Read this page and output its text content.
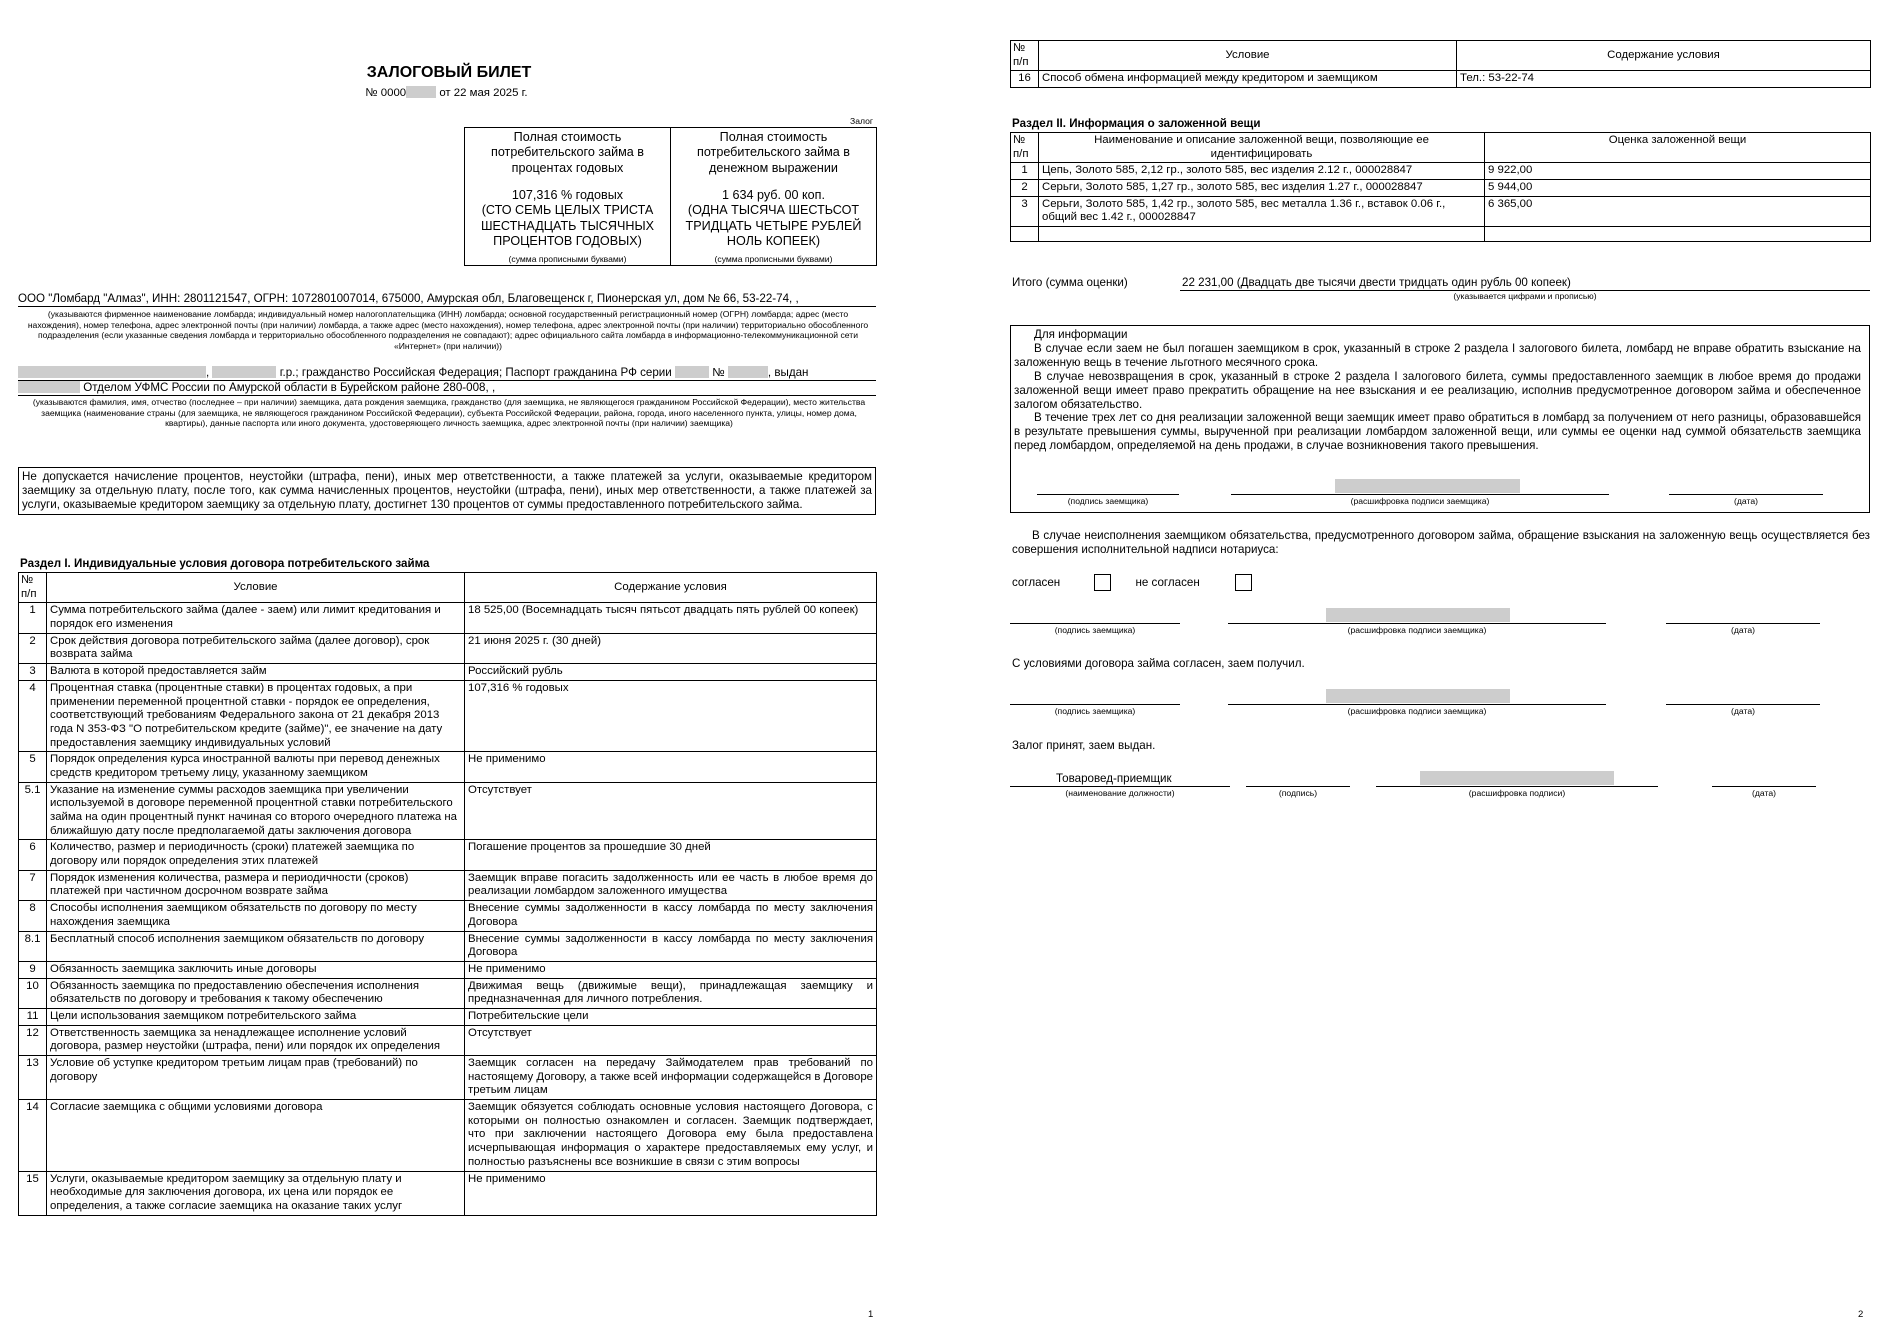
ЗАЛОГОВЫЙ БИЛЕТ
№ 0000	от 22 мая 2025 г.
Залог
Полная стоимость потребительского займа в процентах годовых
107,316 % годовых
(СТО СЕМЬ ЦЕЛЫХ ТРИСТА ШЕСТНАДЦАТЬ ТЫСЯЧНЫХ ПРОЦЕНТОВ ГОДОВЫХ)
(сумма прописными буквами)

Полная стоимость потребительского займа в денежном выражении
1 634 руб. 00 коп.
(ОДНА ТЫСЯЧА ШЕСТЬСОТ ТРИДЦАТЬ ЧЕТЫРЕ РУБЛЕЙ НОЛЬ КОПЕЕК)
(сумма прописными буквами)
ООО "Ломбард "Алмаз", ИНН: 2801121547, ОГРН: 1072801007014, 675000, Амурская обл, Благовещенск г, Пионерская ул, дом № 66, 53-22-74, ,
(указываются фирменное наименование ломбарда; индивидуальный номер налогоплательщика (ИНН) ломбарда; основной государственный регистрационный номер (ОГРН) ломбарда; адрес (место нахождения), номер телефона, адрес электронной почты (при наличии) ломбарда, а также адрес (место нахождения), номер телефона, адрес электронной почты (при наличии) территориально обособленного подразделения (если указанные сведения ломбарда и территориально обособленного подразделения не совпадают); адрес официального сайта ломбарда в информационно-телекоммуникационной сети «Интернет» (при наличии))
,	г.р.; гражданство Российская Федерация; Паспорт гражданина РФ серии	№	, выдан
Отделом УФМС России по Амурской области в Бурейском районе 280-008, ,
(указываются фамилия, имя, отчество (последнее – при наличии) заемщика, дата рождения заемщика, гражданство (для заемщика, не являющегося гражданином Российской Федерации), место жительства заемщика (наименование страны (для заемщика, не являющегося гражданином Российской Федерации), субъекта Российской Федерации, района, города, иного населенного пункта, улицы, номер дома, квартиры), данные паспорта или иного документа, удостоверяющего личность заемщика, адрес электронной почты (при наличии) заемщика)
Не допускается начисление процентов, неустойки (штрафа, пени), иных мер ответственности, а также платежей за услуги, оказываемые кредитором заемщику за отдельную плату, после того, как сумма начисленных процентов, неустойки (штрафа, пени), иных мер ответственности, а также платежей за услуги, оказываемые кредитором заемщику за отдельную плату, достигнет 130 процентов от суммы предоставленного потребительского займа.
Раздел I. Индивидуальные условия договора потребительского займа
№ п/п	Условие	Содержание условия
1	Сумма потребительского займа (далее - заем) или лимит кредитования и порядок его изменения	18 525,00 (Восемнадцать тысяч пятьсот двадцать пять рублей 00 копеек)
2	Срок действия договора потребительского займа (далее договор), срок возврата займа	21 июня 2025 г. (30 дней)
3	Валюта в которой предоставляется займ	Российский рубль
4	Процентная ставка (процентные ставки) в процентах годовых, а при применении переменной процентной ставки - порядок ее определения, соответствующий требованиям Федерального закона от 21 декабря 2013 года N 353-ФЗ "О потребительском кредите (займе)", ее значение на дату предоставления заемщику индивидуальных условий	107,316 % годовых
5	Порядок определения курса иностранной валюты при перевод денежных средств кредитором третьему лицу, указанному заемщиком	Не применимо
5.1	Указание на изменение суммы расходов заемщика при увеличении используемой в договоре переменной процентной ставки потребительского займа на один процентный пункт начиная со второго очередного платежа на ближайшую дату после предполагаемой даты заключения договора	Отсутствует
6	Количество, размер и периодичность (сроки) платежей заемщика по договору или порядок определения этих платежей	Погашение процентов за прошедшие 30 дней
7	Порядок изменения количества, размера и периодичности (сроков) платежей при частичном досрочном возврате займа	Заемщик вправе погасить задолженность или ее часть в любое время до реализации ломбардом заложенного имущества
8	Способы исполнения заемщиком обязательств по договору по месту нахождения заемщика	Внесение суммы задолженности в кассу ломбарда по месту заключения Договора
8.1	Бесплатный способ исполнения заемщиком обязательств по договору	Внесение суммы задолженности в кассу ломбарда по месту заключения Договора
9	Обязанность заемщика заключить иные договоры	Не применимо
10	Обязанность заемщика по предоставлению обеспечения исполнения обязательств по договору и требования к такому обеспечению	Движимая вещь (движимые вещи), принадлежащая заемщику и предназначенная для личного потребления.
11	Цели использования заемщиком потребительского займа	Потребительские цели
12	Ответственность заемщика за ненадлежащее исполнение условий договора, размер неустойки (штрафа, пени) или порядок их определения	Отсутствует
13	Условие об уступке кредитором третьим лицам прав (требований) по договору	Заемщик согласен на передачу Займодателем прав требований по настоящему Договору, а также всей информации содержащейся в Договоре третьим лицам
14	Согласие заемщика с общими условиями договора	Заемщик обязуется соблюдать основные условия настоящего Договора, с которыми он полностью ознакомлен и согласен. Заемщик подтверждает, что при заключении настоящего Договора ему была предоставлена исчерпывающая информация о характере предоставляемых ему услуг, и полностью разъяснены все возникшие в связи с этим вопросы
15	Услуги, оказываемые кредитором заемщику за отдельную плату и необходимые для заключения договора, их цена или порядок ее определения, а также согласие заемщика на оказание таких услуг	Не применимо
1
№ п/п	Условие	Содержание условия
16	Способ обмена информацией между кредитором и заемщиком	Тел.: 53-22-74
Раздел II. Информация о заложенной вещи
№ п/п	Наименование и описание заложенной вещи, позволяющие ее идентифицировать	Оценка заложенной вещи
1	Цепь, Золото 585, 2,12 гр., золото 585, вес изделия 2.12 г., 000028847	9 922,00
2	Серьги, Золото 585, 1,27 гр., золото 585, вес изделия 1.27 г., 000028847	5 944,00
3	Серьги, Золото 585, 1,42 гр., золото 585, вес металла 1.36 г., вставок 0.06 г., общий вес 1.42 г., 000028847	6 365,00

Итого (сумма оценки)	22 231,00 (Двадцать две тысячи двести тридцать один рубль 00 копеек)
(указывается цифрами и прописью)
Для информации
В случае если заем не был погашен заемщиком в срок, указанный в строке 2 раздела I залогового билета, ломбард не вправе обратить взыскание на заложенную вещь в течение льготного месячного срока.
В случае невозвращения в срок, указанный в строке 2 раздела I залогового билета, суммы предоставленного заемщик в любое время до продажи заложенной вещи имеет право прекратить обращение на нее взыскания и ее реализацию, исполнив предусмотренное договором займа и обеспеченное залогом обязательство.
В течение трех лет со дня реализации заложенной вещи заемщик имеет право обратиться в ломбард за получением от него разницы, образовавшейся в результате превышения суммы, вырученной при реализации ломбардом заложенной вещи, или суммы ее оценки над суммой обязательств заемщика перед ломбардом, определяемой на день продажи, в случае возникновения такого превышения.
(подпись заемщика)	(расшифровка подписи заемщика)	(дата)
В случае неисполнения заемщиком обязательства, предусмотренного договором займа, обращение взыскания на заложенную вещь осуществляется без совершения исполнительной надписи нотариуса:
согласен	не согласен
(подпись заемщика)	(расшифровка подписи заемщика)	(дата)
С условиями договора займа согласен, заем получил.
(подпись заемщика)	(расшифровка подписи заемщика)	(дата)
Залог принят, заем выдан.
Товаровед-приемщик
(наименование должности)	(подпись)	(расшифровка подписи)	(дата)
2
